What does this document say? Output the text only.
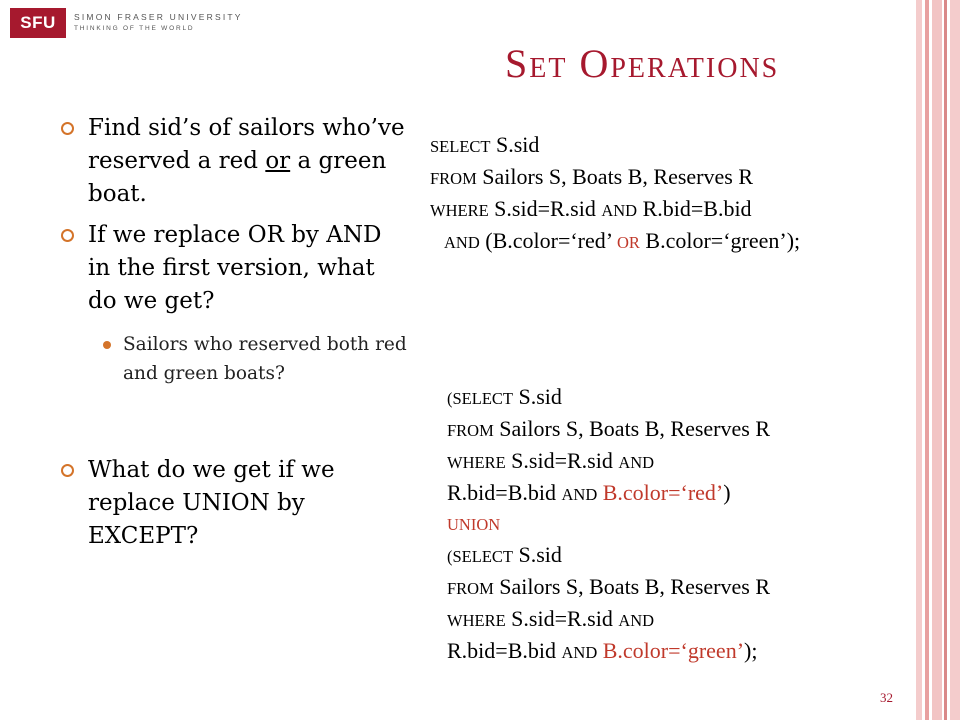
SFU	SIMON FRASER UNIVERSITY
THINKING OF THE WORLD
Set Operations
Find sid’s of sailors who’ve reserved a red or a green boat.
If we replace OR by AND in the first version, what do we get?
Sailors who reserved both red and green boats?
What do we get if we replace UNION by EXCEPT?
SELECT S.sid
FROM Sailors S, Boats B, Reserves R
WHERE S.sid=R.sid AND R.bid=B.bid
AND (B.color=‘red’ OR B.color=‘green’);
(SELECT S.sid
FROM Sailors S, Boats B, Reserves R
WHERE S.sid=R.sid AND
R.bid=B.bid AND B.color=‘red’)
UNION
(SELECT S.sid
FROM Sailors S, Boats B, Reserves R
WHERE S.sid=R.sid AND
R.bid=B.bid AND B.color=‘green’);
32
